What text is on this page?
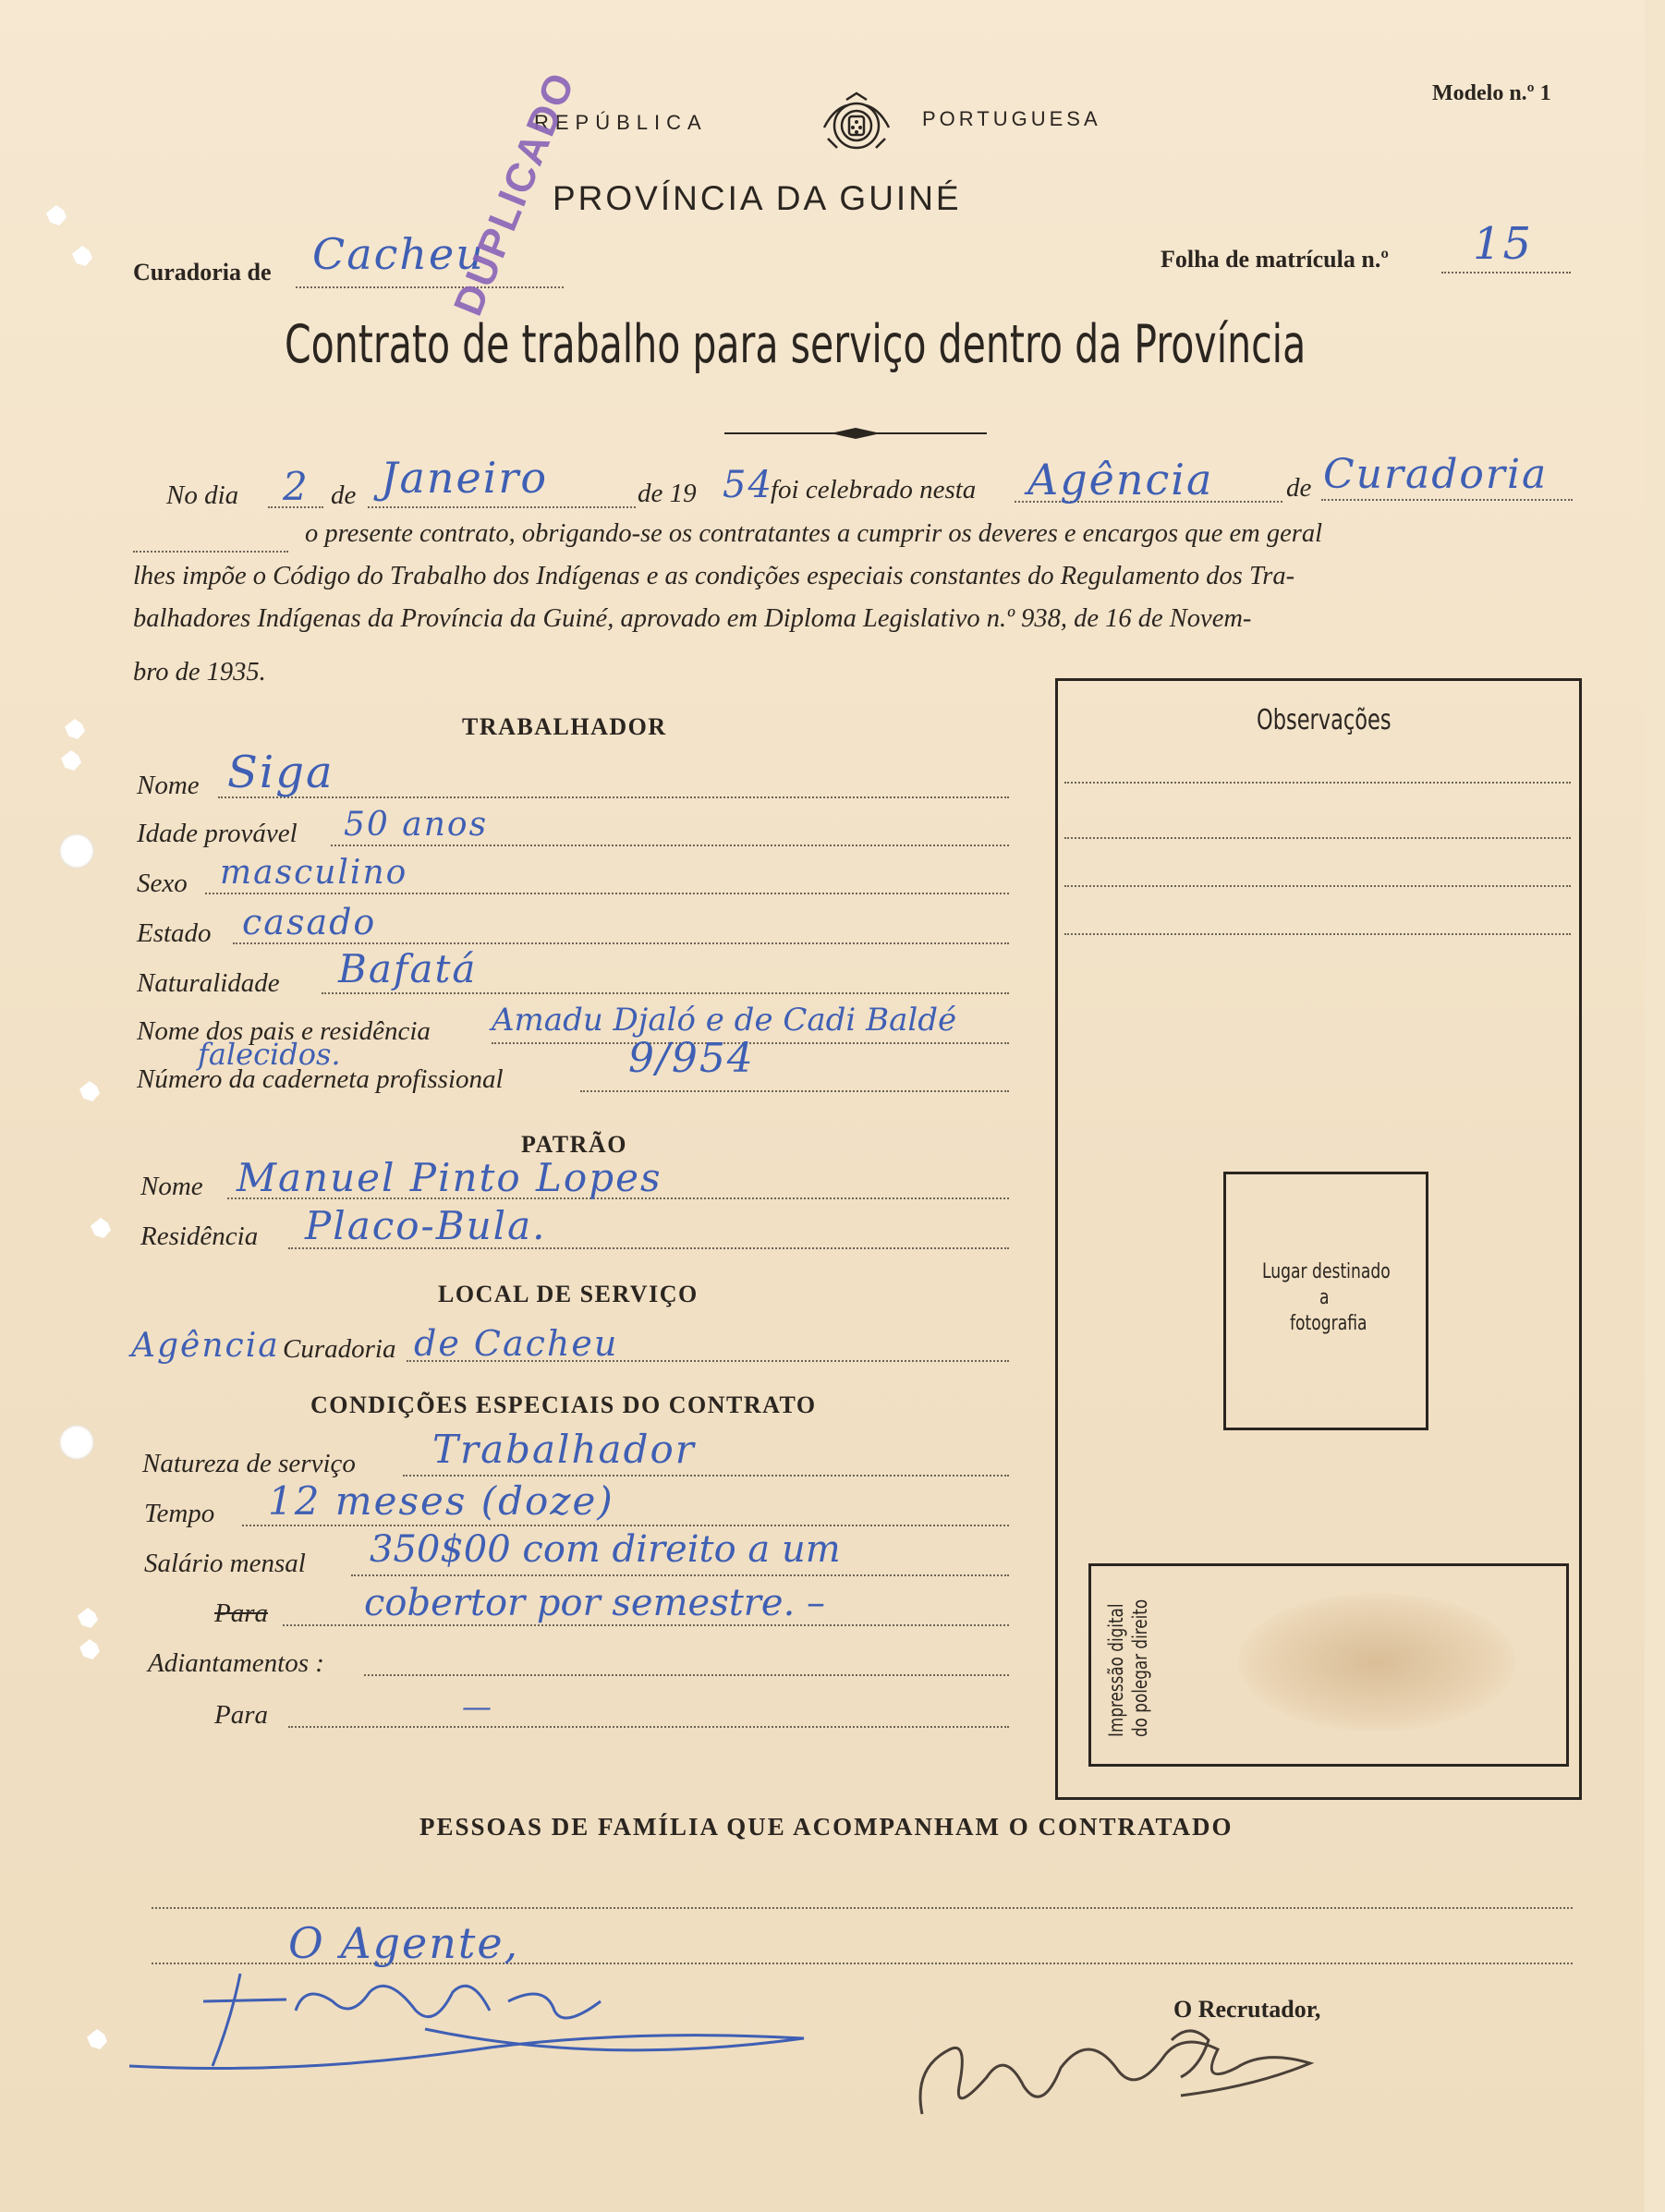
Modelo n.º 1
REPÚBLICA	PORTUGUESA
PROVÍNCIA DA GUINÉ
Curadoria de Cacheu	Folha de matrícula n.º 15
DUPLICADO
Contrato de trabalho para serviço dentro da Província
No dia 2 de Janeiro	de 19 54
foi celebrado nesta Agência	de Curadoria
o presente contrato, obrigando-se os contratantes a cumprir os deveres e encargos que em geral
lhes impõe o Código do Trabalho dos Indígenas e as condições especiais constantes do Regulamento dos Tra-
balhadores Indígenas da Província da Guiné, aprovado em Diploma Legislativo n.º 938, de 16 de Novem-
bro de 1935.
TRABALHADOR
Nome Siga
Idade provável 50 anos
Sexo masculino
Estado casado
Naturalidade Bafatá
Nome dos pais e residência Amadu Djaló e de Cadi Baldé
falecidos.
Número da caderneta profissional	9/954
PATRÃO
Nome Manuel Pinto Lopes
Residência Placo-Bula.
LOCAL DE SERVIÇO
Agência Curadoria de Cacheu
CONDIÇÕES ESPECIAIS DO CONTRATO
Natureza de serviço Trabalhador
Tempo 12 meses (doze)
Salário mensal 350$00 com direito a um
Para	cobertor por semestre. –
Adiantamentos :
Para	—
Observações
Lugar destinado
a
fotografia
Impressão digital do polegar direito
PESSOAS DE FAMÍLIA QUE ACOMPANHAM O CONTRATADO
O Agente,
O Recrutador,
